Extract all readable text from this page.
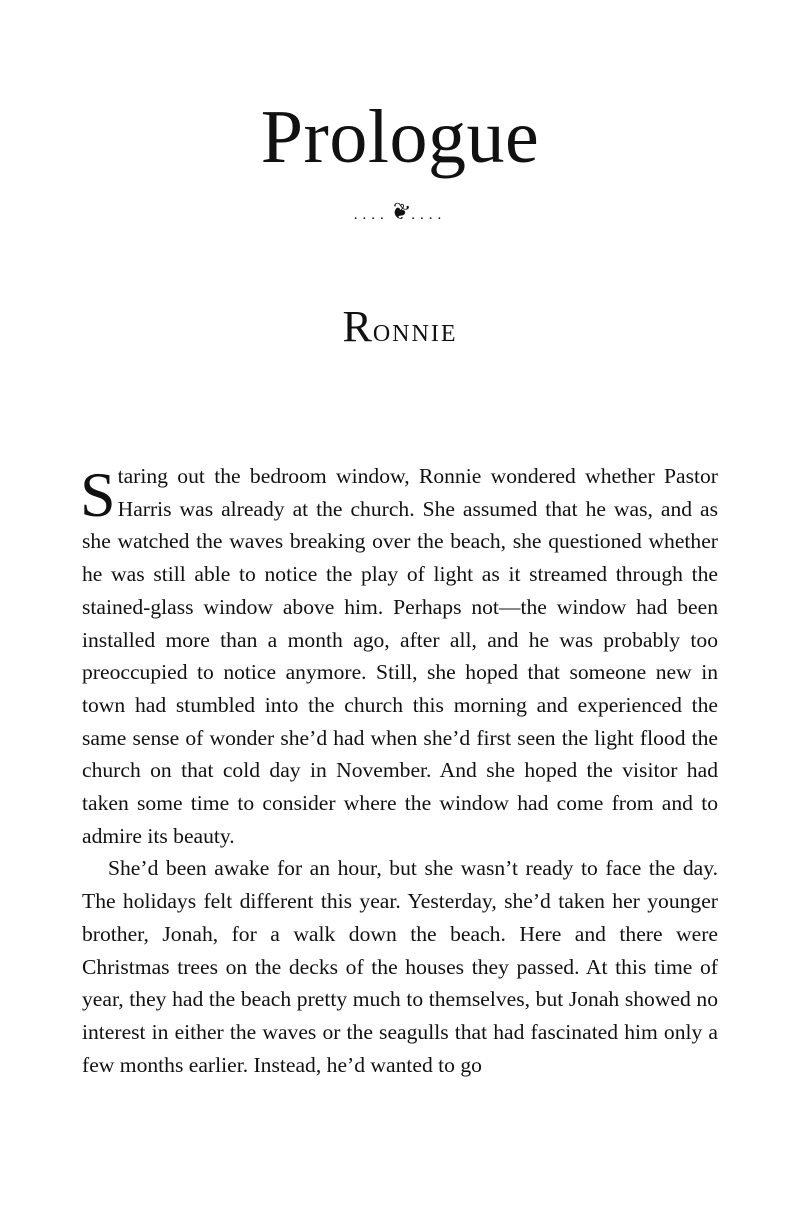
Prologue
....❦....
Ronnie

Staring out the bedroom window, Ronnie wondered whether Pastor Harris was already at the church. She assumed that he was, and as she watched the waves breaking over the beach, she questioned whether he was still able to notice the play of light as it streamed through the stained-glass window above him. Perhaps not—the window had been installed more than a month ago, after all, and he was probably too preoccupied to notice anymore. Still, she hoped that someone new in town had stumbled into the church this morning and experienced the same sense of wonder she’d had when she’d first seen the light flood the church on that cold day in November. And she hoped the visitor had taken some time to consider where the window had come from and to admire its beauty.

She’d been awake for an hour, but she wasn’t ready to face the day. The holidays felt different this year. Yesterday, she’d taken her younger brother, Jonah, for a walk down the beach. Here and there were Christmas trees on the decks of the houses they passed. At this time of year, they had the beach pretty much to themselves, but Jonah showed no interest in either the waves or the seagulls that had fascinated him only a few months earlier. Instead, he’d wanted to go
